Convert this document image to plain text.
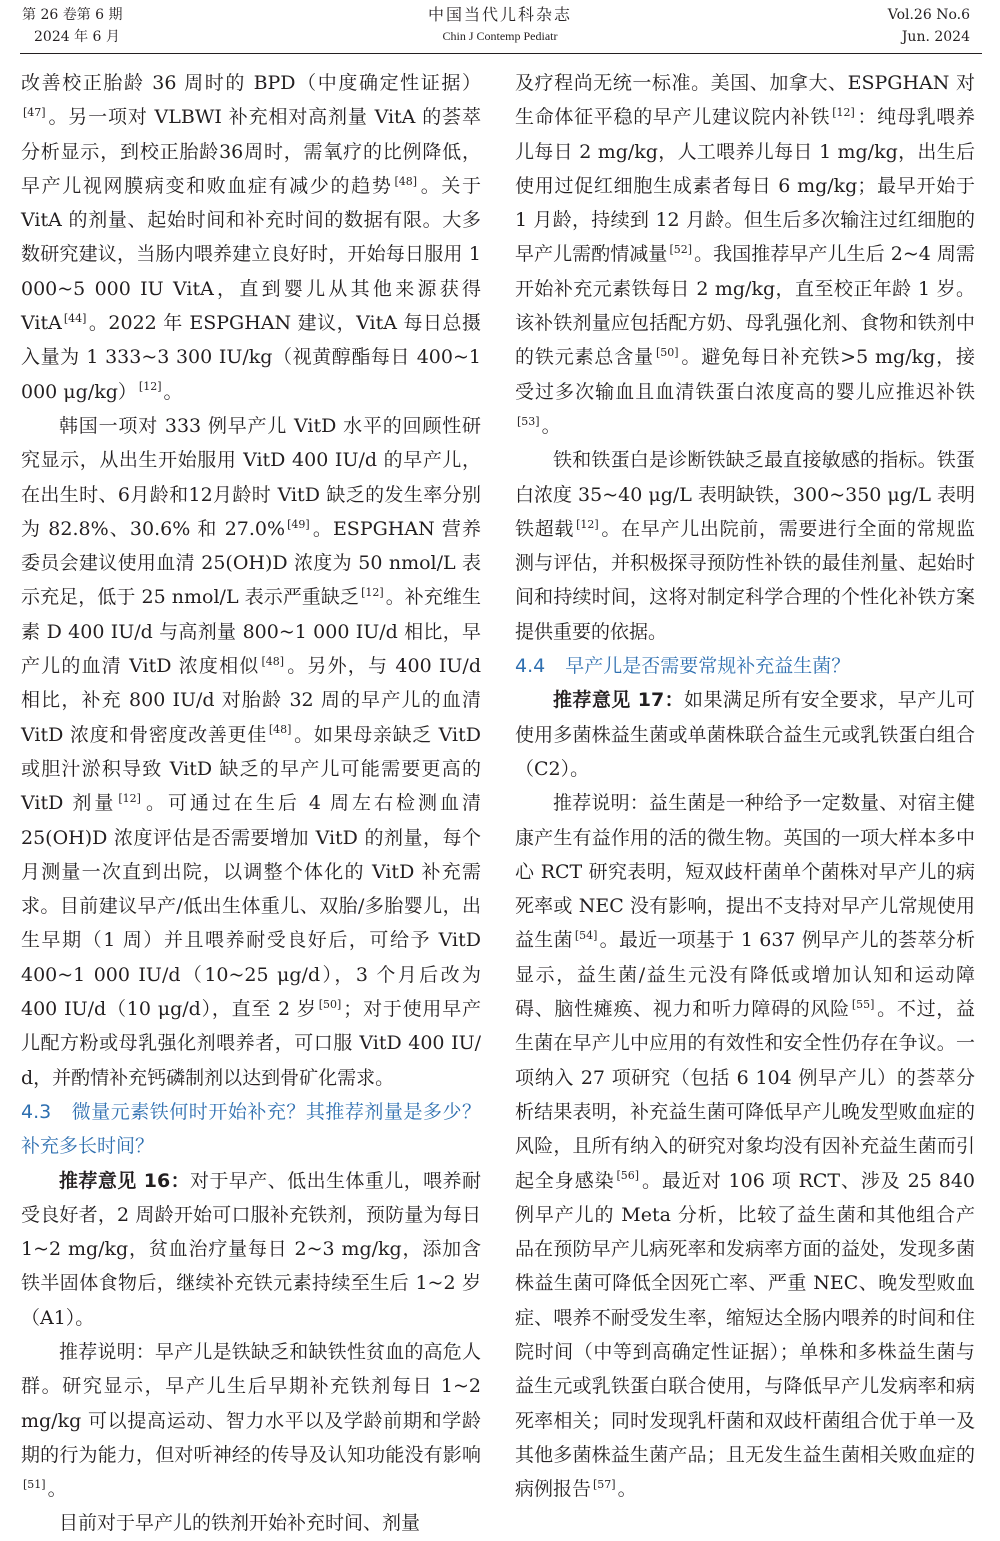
第 26 卷第 6 期
2024 年 6 月
中国当代儿科杂志
Chin J Contemp Pediatr
Vol.26 No.6
Jun. 2024

改善校正胎龄 36 周时的 BPD（中度确定性证据）[47] 。另一项对 VLBWI 补充相对高剂量 VitA 的荟萃分析显示，到校正胎龄36周时，需氧疗的比例降低，早产儿视网膜病变和败血症有减少的趋势 [48] 。关于 VitA 的剂量、起始时间和补充时间的数据有限。大多数研究建议，当肠内喂养建立良好时，开始每日服用 1 000~5 000 IU VitA，直到婴儿从其他来源获得 VitA [44] 。2022 年 ESPGHAN 建议，VitA 每日总摄入量为 1 333~3 300 IU/kg（视黄醇酯每日 400~1 000 μg/kg） [12] 。

韩国一项对 333 例早产儿 VitD 水平的回顾性研究显示，从出生开始服用 VitD 400 IU/d 的早产儿，在出生时、6月龄和12月龄时 VitD 缺乏的发生率分别为 82.8%、30.6% 和 27.0% [49] 。ESPGHAN 营养委员会建议使用血清 25(OH)D 浓度为 50 nmol/L 表示充足，低于 25 nmol/L 表示严重缺乏 [12] 。补充维生素 D 400 IU/d 与高剂量 800~1 000 IU/d 相比，早产儿的血清 VitD 浓度相似 [48] 。另外，与 400 IU/d 相比，补充 800 IU/d 对胎龄 32 周的早产儿的血清 VitD 浓度和骨密度改善更佳 [48] 。如果母亲缺乏 VitD 或胆汁淤积导致 VitD 缺乏的早产儿可能需要更高的 VitD 剂量 [12] 。可通过在生后 4 周左右检测血清 25(OH)D 浓度评估是否需要增加 VitD 的剂量，每个月测量一次直到出院，以调整个体化的 VitD 补充需求。目前建议早产/低出生体重儿、双胎/多胎婴儿，出生早期（1 周）并且喂养耐受良好后，可给予 VitD 400~1 000 IU/d（10~25 μg/d），3 个月后改为 400 IU/d（10 μg/d），直至 2 岁 [50] ；对于使用早产儿配方粉或母乳强化剂喂养者，可口服 VitD 400 IU/ d，并酌情补充钙磷制剂以达到骨矿化需求。

4.3 微量元素铁何时开始补充？其推荐剂量是多少？补充多长时间？

推荐意见 16：对于早产、低出生体重儿，喂养耐受良好者，2 周龄开始可口服补充铁剂，预防量为每日 1~2 mg/kg，贫血治疗量每日 2~3 mg/kg，添加含铁半固体食物后，继续补充铁元素持续至生后 1~2 岁（A1）。

推荐说明：早产儿是铁缺乏和缺铁性贫血的高危人群。研究显示，早产儿生后早期补充铁剂每日 1~2 mg/kg 可以提高运动、智力水平以及学龄前期和学龄期的行为能力，但对听神经的传导及认知功能没有影响[51] 。

目前对于早产儿的铁剂开始补充时间、剂量

及疗程尚无统一标准。美国、加拿大、ESPGHAN 对生命体征平稳的早产儿建议院内补铁 [12] ：纯母乳喂养儿每日 2 mg/kg，人工喂养儿每日 1 mg/kg，出生后使用过促红细胞生成素者每日 6 mg/kg；最早开始于 1 月龄，持续到 12 月龄。但生后多次输注过红细胞的早产儿需酌情减量 [52] 。我国推荐早产儿生后 2~4 周需开始补充元素铁每日 2 mg/kg，直至校正年龄 1 岁。该补铁剂量应包括配方奶、母乳强化剂、食物和铁剂中的铁元素总含量 [50] 。避免每日补充铁>5 mg/kg，接受过多次输血且血清铁蛋白浓度高的婴儿应推迟补铁[53] 。

铁和铁蛋白是诊断铁缺乏最直接敏感的指标。铁蛋白浓度 35~40 μg/L 表明缺铁，300~350 μg/L 表明铁超载 [12] 。在早产儿出院前，需要进行全面的常规监测与评估，并积极探寻预防性补铁的最佳剂量、起始时间和持续时间，这将对制定科学合理的个性化补铁方案提供重要的依据。

4.4 早产儿是否需要常规补充益生菌？

推荐意见 17：如果满足所有安全要求，早产儿可使用多菌株益生菌或单菌株联合益生元或乳铁蛋白组合（C2）。

推荐说明：益生菌是一种给予一定数量、对宿主健康产生有益作用的活的微生物。英国的一项大样本多中心 RCT 研究表明，短双歧杆菌单个菌株对早产儿的病死率或 NEC 没有影响，提出不支持对早产儿常规使用益生菌 [54] 。最近一项基于 1 637 例早产儿的荟萃分析显示，益生菌/益生元没有降低或增加认知和运动障碍、脑性瘫痪、视力和听力障碍的风险 [55] 。不过，益生菌在早产儿中应用的有效性和安全性仍存在争议。一项纳入 27 项研究（包括 6 104 例早产儿）的荟萃分析结果表明，补充益生菌可降低早产儿晚发型败血症的风险，且所有纳入的研究对象均没有因补充益生菌而引起全身感染 [56] 。最近对 106 项 RCT、涉及 25 840 例早产儿的 Meta 分析，比较了益生菌和其他组合产品在预防早产儿病死率和发病率方面的益处，发现多菌株益生菌可降低全因死亡率、严重 NEC、晚发型败血症、喂养不耐受发生率，缩短达全肠内喂养的时间和住院时间（中等到高确定性证据）；单株和多株益生菌与益生元或乳铁蛋白联合使用，与降低早产儿发病率和病死率相关；同时发现乳杆菌和双歧杆菌组合优于单一及其他多菌株益生菌产品；且无发生益生菌相关败血症的病例报告 [57] 。
